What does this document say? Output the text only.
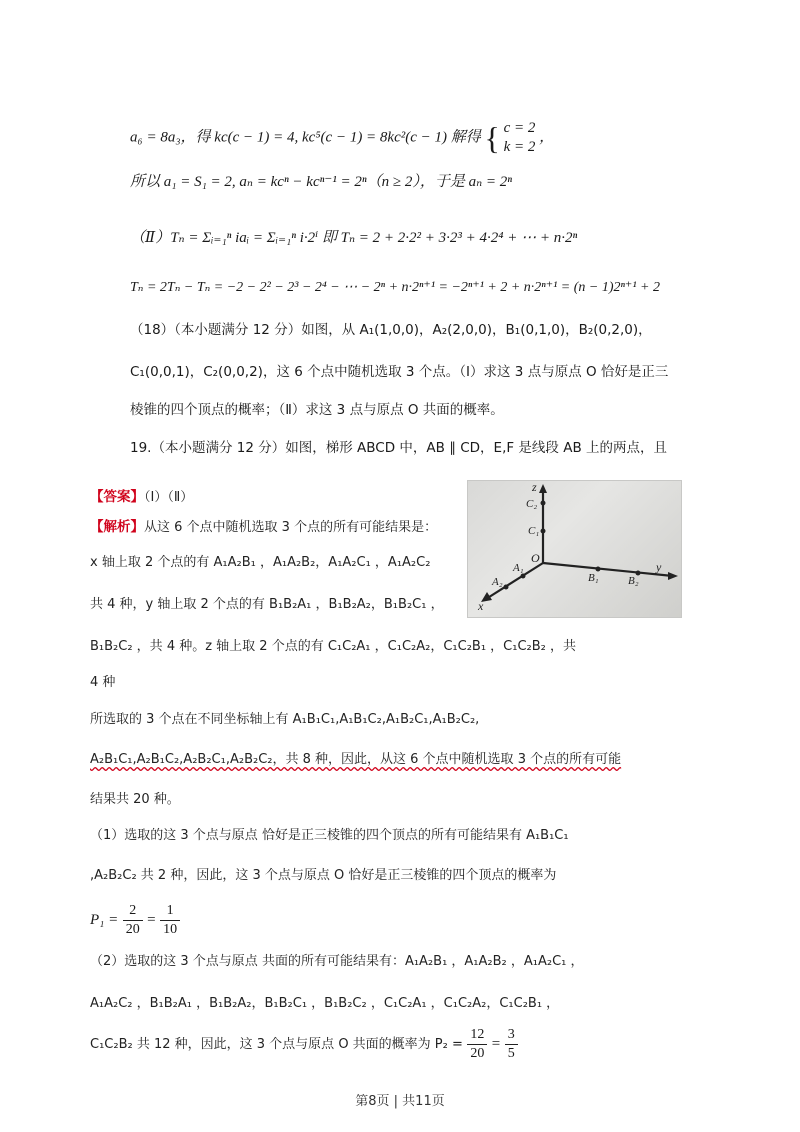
a₆ = 8a₃，得 kc(c − 1) = 4, kc⁵(c − 1) = 8kc²(c − 1) 解得 { c = 2
k = 2
，
所以 a₁ = S₁ = 2, aₙ = kcⁿ − kcⁿ⁻¹ = 2ⁿ（n ≥ 2），于是 aₙ = 2ⁿ
（Ⅱ）Tₙ = Σᵢ₌₁ⁿ iaᵢ = Σᵢ₌₁ⁿ i·2ⁱ 即 Tₙ = 2 + 2·2² + 3·2³ + 4·2⁴ + ⋯ + n·2ⁿ
Tₙ = 2Tₙ − Tₙ = −2 − 2² − 2³ − 2⁴ − ⋯ − 2ⁿ + n·2ⁿ⁺¹ = −2ⁿ⁺¹ + 2 + n·2ⁿ⁺¹ = (n − 1)2ⁿ⁺¹ + 2
（18）（本小题满分 12 分）如图，从 A₁(1,0,0)，A₂(2,0,0)，B₁(0,1,0)，B₂(0,2,0)，
C₁(0,0,1)，C₂(0,0,2)，这 6 个点中随机选取 3 个点。（Ⅰ）求这 3 点与原点 O 恰好是正三
棱锥的四个顶点的概率；（Ⅱ）求这 3 点与原点 O 共面的概率。
19.（本小题满分 12 分）如图，梯形 ABCD 中，AB ∥ CD，E,F 是线段 AB 上的两点，且
【答案】（Ⅰ）（Ⅱ）
【解析】从这 6 个点中随机选取 3 个点的所有可能结果是：
x 轴上取 2 个点的有 A₁A₂B₁ ，A₁A₂B₂，A₁A₂C₁ ，A₁A₂C₂
共 4 种，y 轴上取 2 个点的有 B₁B₂A₁ ，B₁B₂A₂，B₁B₂C₁ ，
B₁B₂C₂ ，共 4 种。z 轴上取 2 个点的有 C₁C₂A₁ ，C₁C₂A₂，C₁C₂B₁ ，C₁C₂B₂ ，共
4 种
所选取的 3 个点在不同坐标轴上有 A₁B₁C₁,A₁B₁C₂,A₁B₂C₁,A₁B₂C₂,
A₂B₁C₁,A₂B₁C₂,A₂B₂C₁,A₂B₂C₂，共 8 种，因此，从这 6 个点中随机选取 3 个点的所有可能
结果共 20 种。
（1）选取的这 3 个点与原点 恰好是正三棱锥的四个顶点的所有可能结果有 A₁B₁C₁
,A₂B₂C₂ 共 2 种，因此，这 3 个点与原点 O 恰好是正三棱锥的四个顶点的概率为
$P_1 = \frac{2}{20} = \frac{1}{10}$
（2）选取的这 3 个点与原点 共面的所有可能结果有：A₁A₂B₁ ，A₁A₂B₂ ，A₁A₂C₁ ，
A₁A₂C₂ ，B₁B₂A₁ ，B₁B₂A₂，B₁B₂C₁ ，B₁B₂C₂ ，C₁C₂A₁ ，C₁C₂A₂，C₁C₂B₁ ，
C₁C₂B₂ 共 12 种，因此，这 3 个点与原点 O 共面的概率为 $P_2 = \frac{12}{20} = \frac{3}{5}$
z
C₂
C₁
O
A₁
A₂	B₁	B₂
y
x
第8页 | 共11页
